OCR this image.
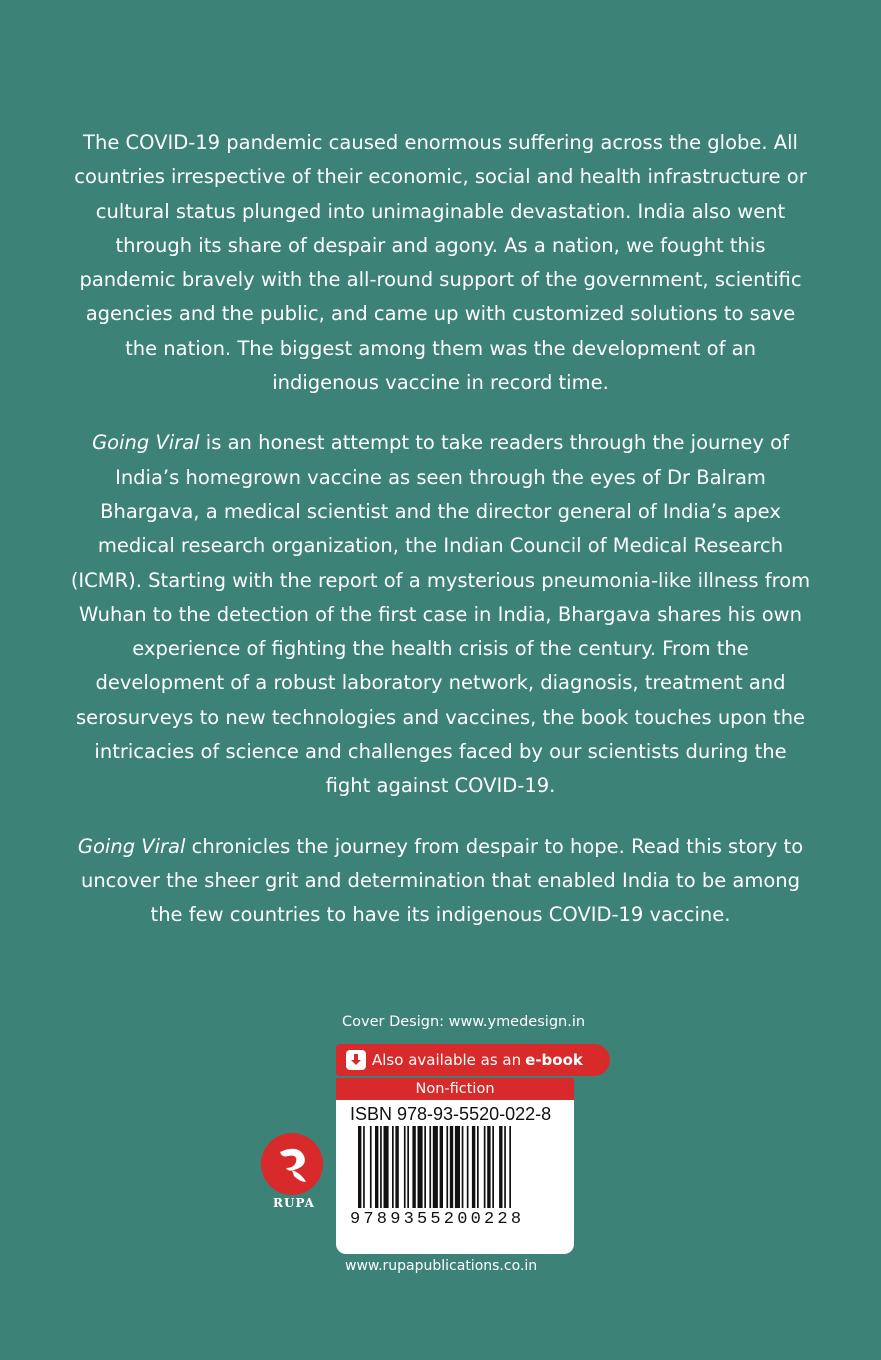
The COVID-19 pandemic caused enormous suffering across the globe. All countries irrespective of their economic, social and health infrastructure or cultural status plunged into unimaginable devastation. India also went through its share of despair and agony. As a nation, we fought this pandemic bravely with the all-round support of the government, scientific agencies and the public, and came up with customized solutions to save the nation. The biggest among them was the development of an indigenous vaccine in record time.

Going Viral is an honest attempt to take readers through the journey of India’s homegrown vaccine as seen through the eyes of Dr Balram Bhargava, a medical scientist and the director general of India’s apex medical research organization, the Indian Council of Medical Research (ICMR). Starting with the report of a mysterious pneumonia-like illness from Wuhan to the detection of the first case in India, Bhargava shares his own experience of fighting the health crisis of the century. From the development of a robust laboratory network, diagnosis, treatment and serosurveys to new technologies and vaccines, the book touches upon the intricacies of science and challenges faced by our scientists during the fight against COVID-19.

Going Viral chronicles the journey from despair to hope. Read this story to uncover the sheer grit and determination that enabled India to be among the few countries to have its indigenous COVID-19 vaccine.

Cover Design: www.ymedesign.in
Also available as an e-book
Non-fiction
ISBN 978-93-5520-022-8
9789355200228
RUPA
www.rupapublications.co.in
